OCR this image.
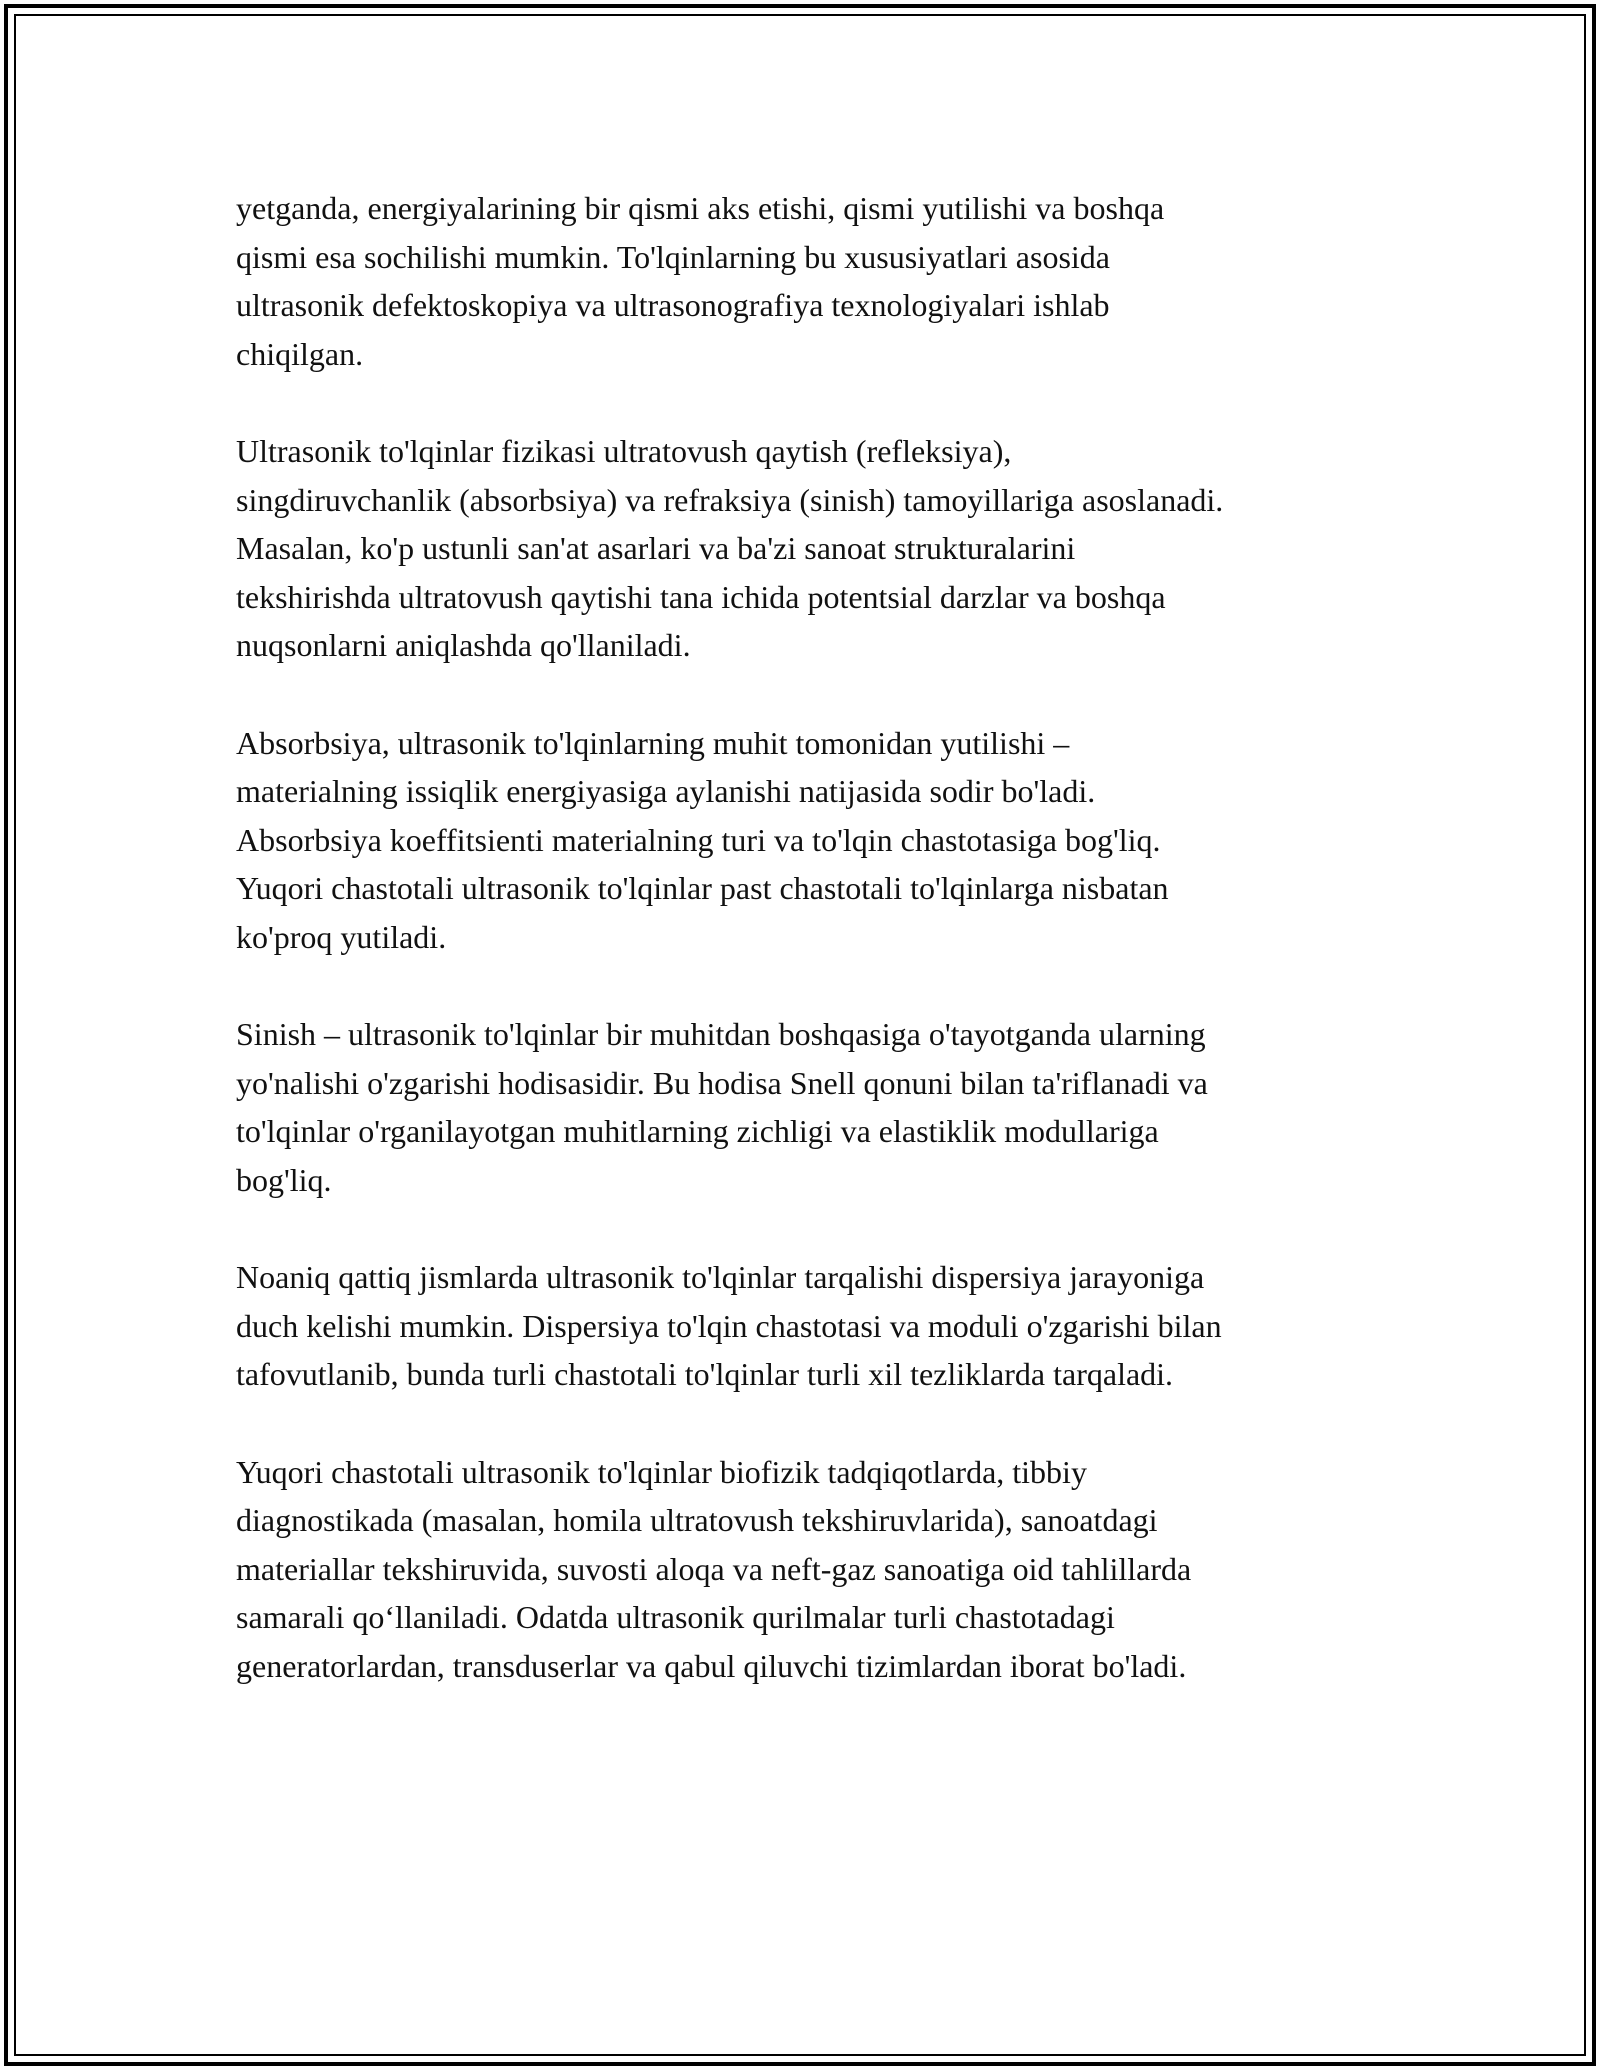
yetganda, energiyalarining bir qismi aks etishi, qismi yutilishi va boshqa
qismi esa sochilishi mumkin. To'lqinlarning bu xususiyatlari asosida
ultrasonik defektoskopiya va ultrasonografiya texnologiyalari ishlab
chiqilgan.

Ultrasonik to'lqinlar fizikasi ultratovush qaytish (refleksiya),
singdiruvchanlik (absorbsiya) va refraksiya (sinish) tamoyillariga asoslanadi.
Masalan, ko'p ustunli san'at asarlari va ba'zi sanoat strukturalarini
tekshirishda ultratovush qaytishi tana ichida potentsial darzlar va boshqa
nuqsonlarni aniqlashda qo'llaniladi.

Absorbsiya, ultrasonik to'lqinlarning muhit tomonidan yutilishi –
materialning issiqlik energiyasiga aylanishi natijasida sodir bo'ladi.
Absorbsiya koeffitsienti materialning turi va to'lqin chastotasiga bog'liq.
Yuqori chastotali ultrasonik to'lqinlar past chastotali to'lqinlarga nisbatan
ko'proq yutiladi.

Sinish – ultrasonik to'lqinlar bir muhitdan boshqasiga o'tayotganda ularning
yo'nalishi o'zgarishi hodisasidir. Bu hodisa Snell qonuni bilan ta'riflanadi va
to'lqinlar o'rganilayotgan muhitlarning zichligi va elastiklik modullariga
bog'liq.

Noaniq qattiq jismlarda ultrasonik to'lqinlar tarqalishi dispersiya jarayoniga
duch kelishi mumkin. Dispersiya to'lqin chastotasi va moduli o'zgarishi bilan
tafovutlanib, bunda turli chastotali to'lqinlar turli xil tezliklarda tarqaladi.

Yuqori chastotali ultrasonik to'lqinlar biofizik tadqiqotlarda, tibbiy
diagnostikada (masalan, homila ultratovush tekshiruvlarida), sanoatdagi
materiallar tekshiruvida, suvosti aloqa va neft-gaz sanoatiga oid tahlillarda
samarali qo‘llaniladi. Odatda ultrasonik qurilmalar turli chastotadagi
generatorlardan, transduserlar va qabul qiluvchi tizimlardan iborat bo'ladi.
